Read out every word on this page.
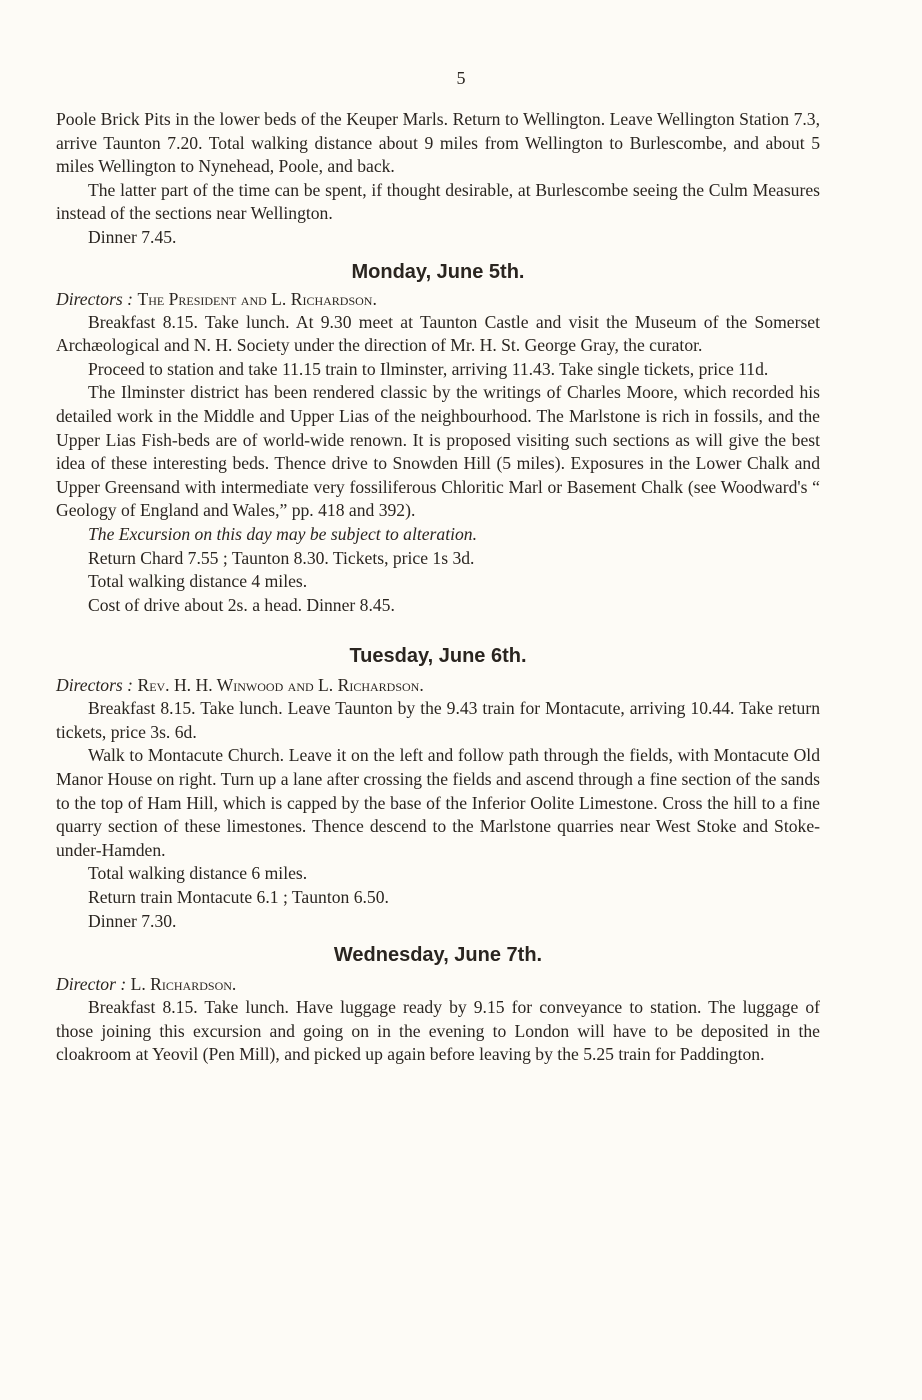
5

Poole Brick Pits in the lower beds of the Keuper Marls. Return to Wellington. Leave Wellington Station 7.3, arrive Taunton 7.20. Total walking distance about 9 miles from Wellington to Burlescombe, and about 5 miles Wellington to Nynehead, Poole, and back.

The latter part of the time can be spent, if thought desirable, at Burlescombe seeing the Culm Measures instead of the sections near Wellington.

Dinner 7.45.

Monday, June 5th.

Directors : The President and L. Richardson.

Breakfast 8.15. Take lunch. At 9.30 meet at Taunton Castle and visit the Museum of the Somerset Archæological and N. H. Society under the direction of Mr. H. St. George Gray, the curator.

Proceed to station and take 11.15 train to Ilminster, arriving 11.43. Take single tickets, price 11d.

The Ilminster district has been rendered classic by the writings of Charles Moore, which recorded his detailed work in the Middle and Upper Lias of the neighbourhood. The Marlstone is rich in fossils, and the Upper Lias Fish-beds are of world-wide renown. It is proposed visiting such sections as will give the best idea of these interesting beds. Thence drive to Snowden Hill (5 miles). Exposures in the Lower Chalk and Upper Greensand with intermediate very fossiliferous Chloritic Marl or Basement Chalk (see Woodward's “ Geology of England and Wales,” pp. 418 and 392).

The Excursion on this day may be subject to alteration.

Return Chard 7.55 ; Taunton 8.30. Tickets, price 1s 3d.

Total walking distance 4 miles.

Cost of drive about 2s. a head. Dinner 8.45.

Tuesday, June 6th.

Directors : Rev. H. H. Winwood and L. Richardson.

Breakfast 8.15. Take lunch. Leave Taunton by the 9.43 train for Montacute, arriving 10.44. Take return tickets, price 3s. 6d.

Walk to Montacute Church. Leave it on the left and follow path through the fields, with Montacute Old Manor House on right. Turn up a lane after crossing the fields and ascend through a fine section of the sands to the top of Ham Hill, which is capped by the base of the Inferior Oolite Limestone. Cross the hill to a fine quarry section of these limestones. Thence descend to the Marlstone quarries near West Stoke and Stoke-under-Hamden.

Total walking distance 6 miles.

Return train Montacute 6.1 ; Taunton 6.50.

Dinner 7.30.

Wednesday, June 7th.

Director : L. Richardson.

Breakfast 8.15. Take lunch. Have luggage ready by 9.15 for conveyance to station. The luggage of those joining this excursion and going on in the evening to London will have to be deposited in the cloakroom at Yeovil (Pen Mill), and picked up again before leaving by the 5.25 train for Paddington.
